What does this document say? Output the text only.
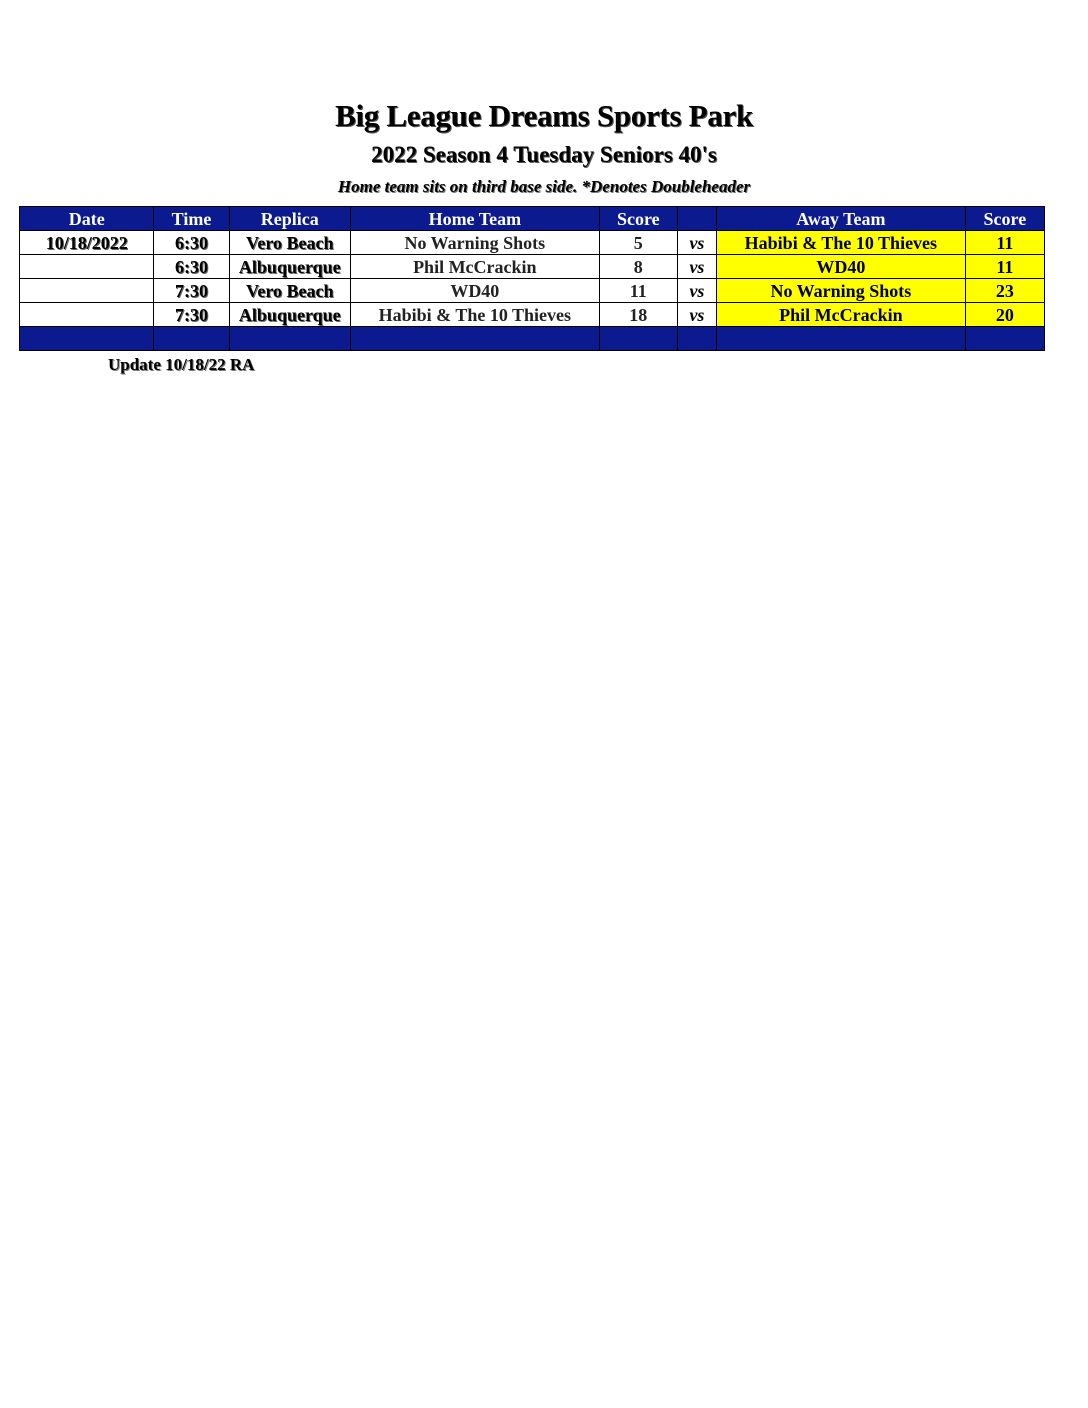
Big League Dreams Sports Park
2022 Season 4 Tuesday Seniors 40's
Home team sits on third base side. *Denotes Doubleheader
Date	Time	Replica	Home Team	Score		Away Team	Score
10/18/2022	6:30	Vero Beach	No Warning Shots	5	vs	Habibi & The 10 Thieves	11
	6:30	Albuquerque	Phil McCrackin	8	vs	WD40	11
	7:30	Vero Beach	WD40	11	vs	No Warning Shots	23
	7:30	Albuquerque	Habibi & The 10 Thieves	18	vs	Phil McCrackin	20

Update 10/18/22 RA
